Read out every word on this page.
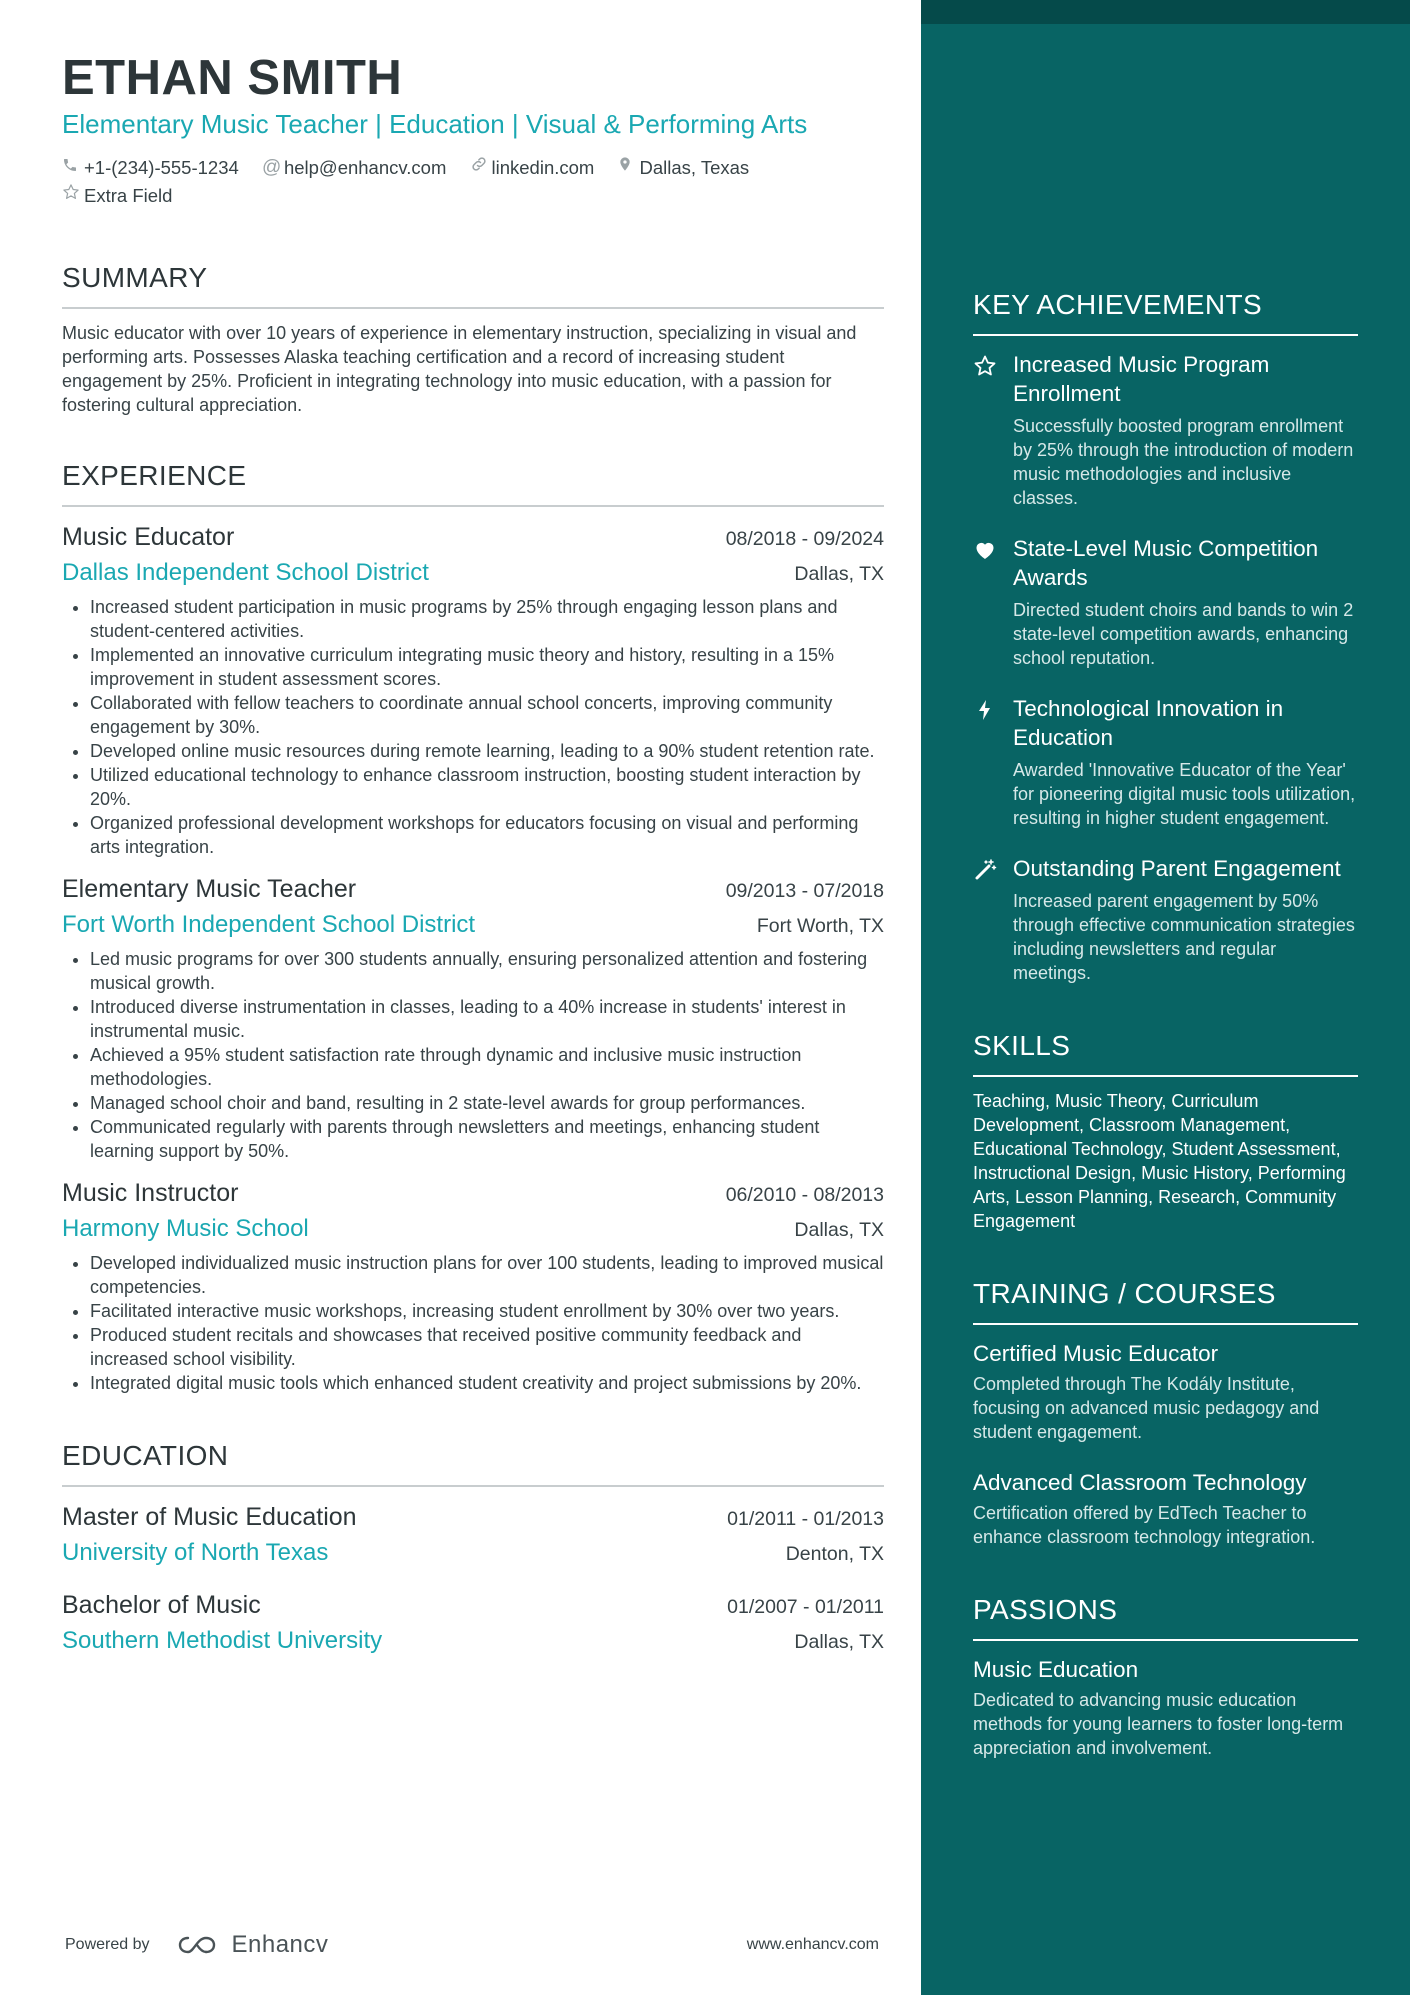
ETHAN SMITH
Elementary Music Teacher | Education | Visual & Performing Arts
+1-(234)-555-1234
@ help@enhancv.com
linkedin.com
Dallas, Texas

Extra Field
SUMMARY

Music educator with over 10 years of experience in elementary instruction, specializing in visual and performing arts. Possesses Alaska teaching certification and a record of increasing student engagement by 25%. Proficient in integrating technology into music education, with a passion for fostering cultural appreciation.

EXPERIENCE
Music Educator	08/2018 - 09/2024
Dallas Independent School District	Dallas, TX
• Increased student participation in music programs by 25% through engaging lesson plans and student-centered activities.
• Implemented an innovative curriculum integrating music theory and history, resulting in a 15% improvement in student assessment scores.
• Collaborated with fellow teachers to coordinate annual school concerts, improving community engagement by 30%.
• Developed online music resources during remote learning, leading to a 90% student retention rate.
• Utilized educational technology to enhance classroom instruction, boosting student interaction by 20%.
• Organized professional development workshops for educators focusing on visual and performing arts integration.
Elementary Music Teacher	09/2013 - 07/2018
Fort Worth Independent School District	Fort Worth, TX
• Led music programs for over 300 students annually, ensuring personalized attention and fostering musical growth.
• Introduced diverse instrumentation in classes, leading to a 40% increase in students' interest in instrumental music.
• Achieved a 95% student satisfaction rate through dynamic and inclusive music instruction methodologies.
• Managed school choir and band, resulting in 2 state-level awards for group performances.
• Communicated regularly with parents through newsletters and meetings, enhancing student learning support by 50%.
Music Instructor	06/2010 - 08/2013
Harmony Music School	Dallas, TX
• Developed individualized music instruction plans for over 100 students, leading to improved musical competencies.
• Facilitated interactive music workshops, increasing student enrollment by 30% over two years.
• Produced student recitals and showcases that received positive community feedback and increased school visibility.
• Integrated digital music tools which enhanced student creativity and project submissions by 20%.
EDUCATION
Master of Music Education	01/2011 - 01/2013
University of North Texas	Denton, TX
Bachelor of Music	01/2007 - 01/2011
Southern Methodist University	Dallas, TX
Powered by	Enhancv	www.enhancv.com
KEY ACHIEVEMENTS
Increased Music Program Enrollment
Successfully boosted program enrollment by 25% through the introduction of modern music methodologies and inclusive classes.
State-Level Music Competition Awards
Directed student choirs and bands to win 2 state-level competition awards, enhancing school reputation.
Technological Innovation in Education
Awarded 'Innovative Educator of the Year' for pioneering digital music tools utilization, resulting in higher student engagement.
Outstanding Parent Engagement
Increased parent engagement by 50% through effective communication strategies including newsletters and regular meetings.
SKILLS

Teaching, Music Theory, Curriculum Development, Classroom Management, Educational Technology, Student Assessment, Instructional Design, Music History, Performing Arts, Lesson Planning, Research, Community Engagement

TRAINING / COURSES
Certified Music Educator
Completed through The Kodály Institute, focusing on advanced music pedagogy and student engagement.
Advanced Classroom Technology
Certification offered by EdTech Teacher to enhance classroom technology integration.
PASSIONS
Music Education
Dedicated to advancing music education methods for young learners to foster long-term appreciation and involvement.
